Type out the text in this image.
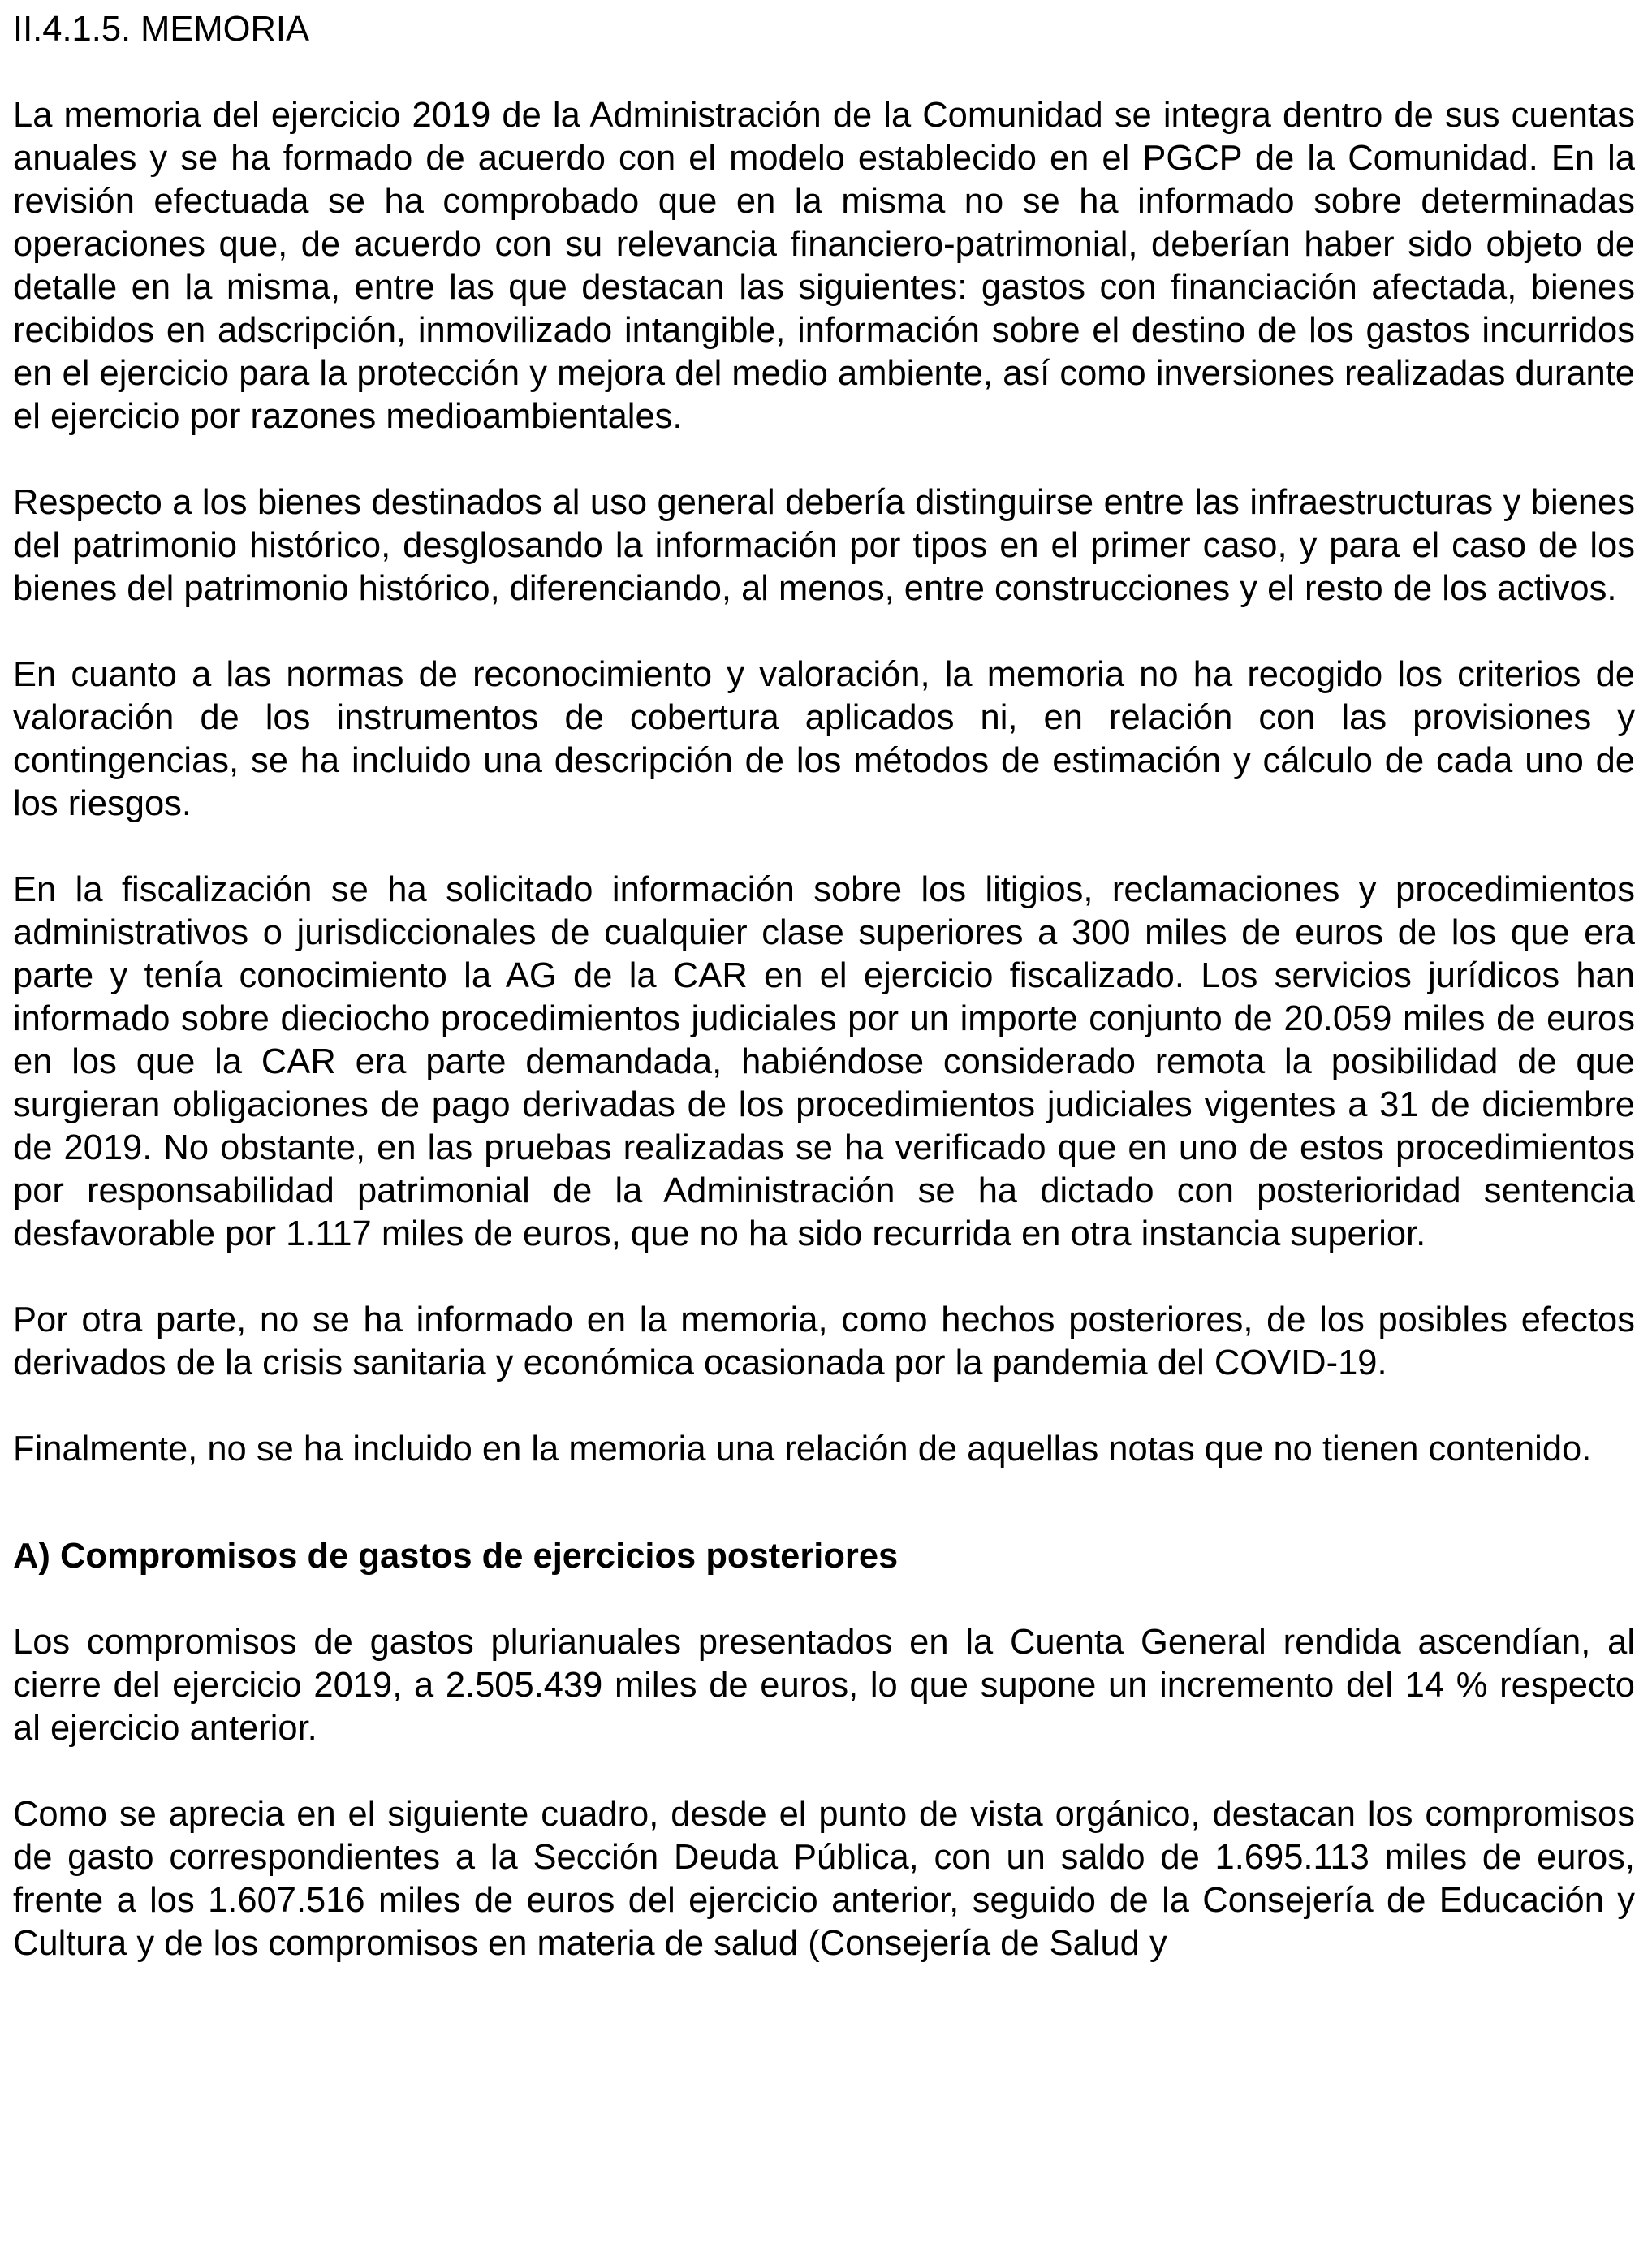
II.4.1.5. MEMORIA

La memoria del ejercicio 2019 de la Administración de la Comunidad se integra dentro de sus cuentas anuales y se ha formado de acuerdo con el modelo establecido en el PGCP de la Comunidad. En la revisión efectuada se ha comprobado que en la misma no se ha informado sobre determinadas operaciones que, de acuerdo con su relevancia financiero-patrimonial, deberían haber sido objeto de detalle en la misma, entre las que destacan las siguientes: gastos con financiación afectada, bienes recibidos en adscripción, inmovilizado intangible, información sobre el destino de los gastos incurridos en el ejercicio para la protección y mejora del medio ambiente, así como inversiones realizadas durante el ejercicio por razones medioambientales.

Respecto a los bienes destinados al uso general debería distinguirse entre las infraestructuras y bienes del patrimonio histórico, desglosando la información por tipos en el primer caso, y para el caso de los bienes del patrimonio histórico, diferenciando, al menos, entre construcciones y el resto de los activos.

En cuanto a las normas de reconocimiento y valoración, la memoria no ha recogido los criterios de valoración de los instrumentos de cobertura aplicados ni, en relación con las provisiones y contingencias, se ha incluido una descripción de los métodos de estimación y cálculo de cada uno de los riesgos.

En la fiscalización se ha solicitado información sobre los litigios, reclamaciones y procedimientos administrativos o jurisdiccionales de cualquier clase superiores a 300 miles de euros de los que era parte y tenía conocimiento la AG de la CAR en el ejercicio fiscalizado. Los servicios jurídicos han informado sobre dieciocho procedimientos judiciales por un importe conjunto de 20.059 miles de euros en los que la CAR era parte demandada, habiéndose considerado remota la posibilidad de que surgieran obligaciones de pago derivadas de los procedimientos judiciales vigentes a 31 de diciembre de 2019. No obstante, en las pruebas realizadas se ha verificado que en uno de estos procedimientos por responsabilidad patrimonial de la Administración se ha dictado con posterioridad sentencia desfavorable por 1.117 miles de euros, que no ha sido recurrida en otra instancia superior.

Por otra parte, no se ha informado en la memoria, como hechos posteriores, de los posibles efectos derivados de la crisis sanitaria y económica ocasionada por la pandemia del COVID-19.

Finalmente, no se ha incluido en la memoria una relación de aquellas notas que no tienen contenido.

A) Compromisos de gastos de ejercicios posteriores

Los compromisos de gastos plurianuales presentados en la Cuenta General rendida ascendían, al cierre del ejercicio 2019, a 2.505.439 miles de euros, lo que supone un incremento del 14 % respecto al ejercicio anterior.

Como se aprecia en el siguiente cuadro, desde el punto de vista orgánico, destacan los compromisos de gasto correspondientes a la Sección Deuda Pública, con un saldo de 1.695.113 miles de euros, frente a los 1.607.516 miles de euros del ejercicio anterior, seguido de la Consejería de Educación y Cultura y de los compromisos en materia de salud (Consejería de Salud y
